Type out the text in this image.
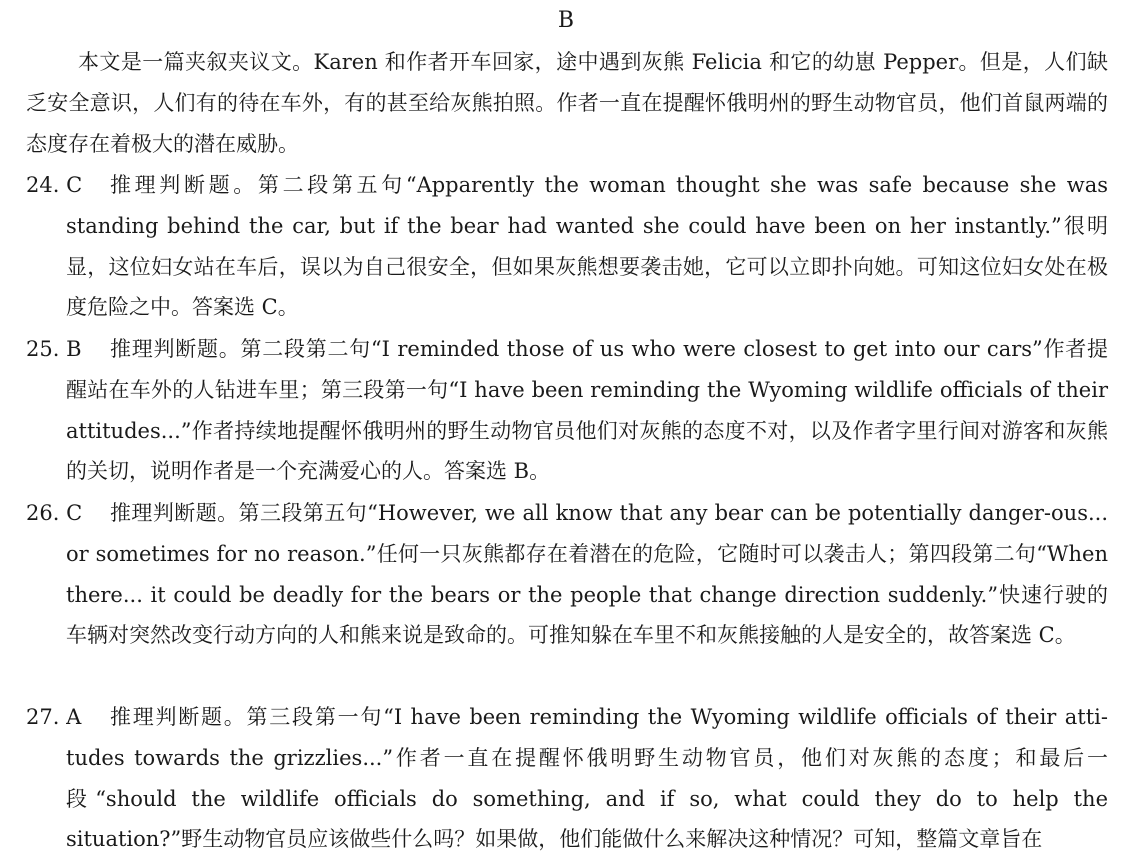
B
本文是一篇夹叙夹议文。Karen 和作者开车回家，途中遇到灰熊 Felicia 和它的幼崽 Pepper。但是，人们缺乏安全意识，人们有的待在车外，有的甚至给灰熊拍照。作者一直在提醒怀俄明州的野生动物官员，他们首鼠两端的态度存在着极大的潜在威胁。
24. C	推理判断题。第二段第五句“Apparently the woman thought she was safe because she was standing behind the car, but if the bear had wanted she could have been on her instantly.”很明显，这位妇女站在车后，误以为自己很安全，但如果灰熊想要袭击她，它可以立即扑向她。可知这位妇女处在极度危险之中。答案选 C。
25. B	推理判断题。第二段第二句“I reminded those of us who were closest to get into our cars”作者提醒站在车外的人钻进车里；第三段第一句“I have been reminding the Wyoming wildlife officials of their attitudes...”作者持续地提醒怀俄明州的野生动物官员他们对灰熊的态度不对，以及作者字里行间对游客和灰熊的关切，说明作者是一个充满爱心的人。答案选 B。
26. C	推理判断题。第三段第五句“However, we all know that any bear can be potentially danger-ous... or sometimes for no reason.”任何一只灰熊都存在着潜在的危险，它随时可以袭击人；第四段第二句“When there... it could be deadly for the bears or the people that change direction suddenly.”快速行驶的车辆对突然改变行动方向的人和熊来说是致命的。可推知躲在车里不和灰熊接触的人是安全的，故答案选 C。
27. A	推理判断题。第三段第一句“I have been reminding the Wyoming wildlife officials of their atti-tudes towards the grizzlies...”作者一直在提醒怀俄明野生动物官员，他们对灰熊的态度；和最后一段“should the wildlife officials do something, and if so, what could they do to help the situation?”野生动物官员应该做些什么吗？如果做，他们能做什么来解决这种情况？可知，整篇文章旨在
